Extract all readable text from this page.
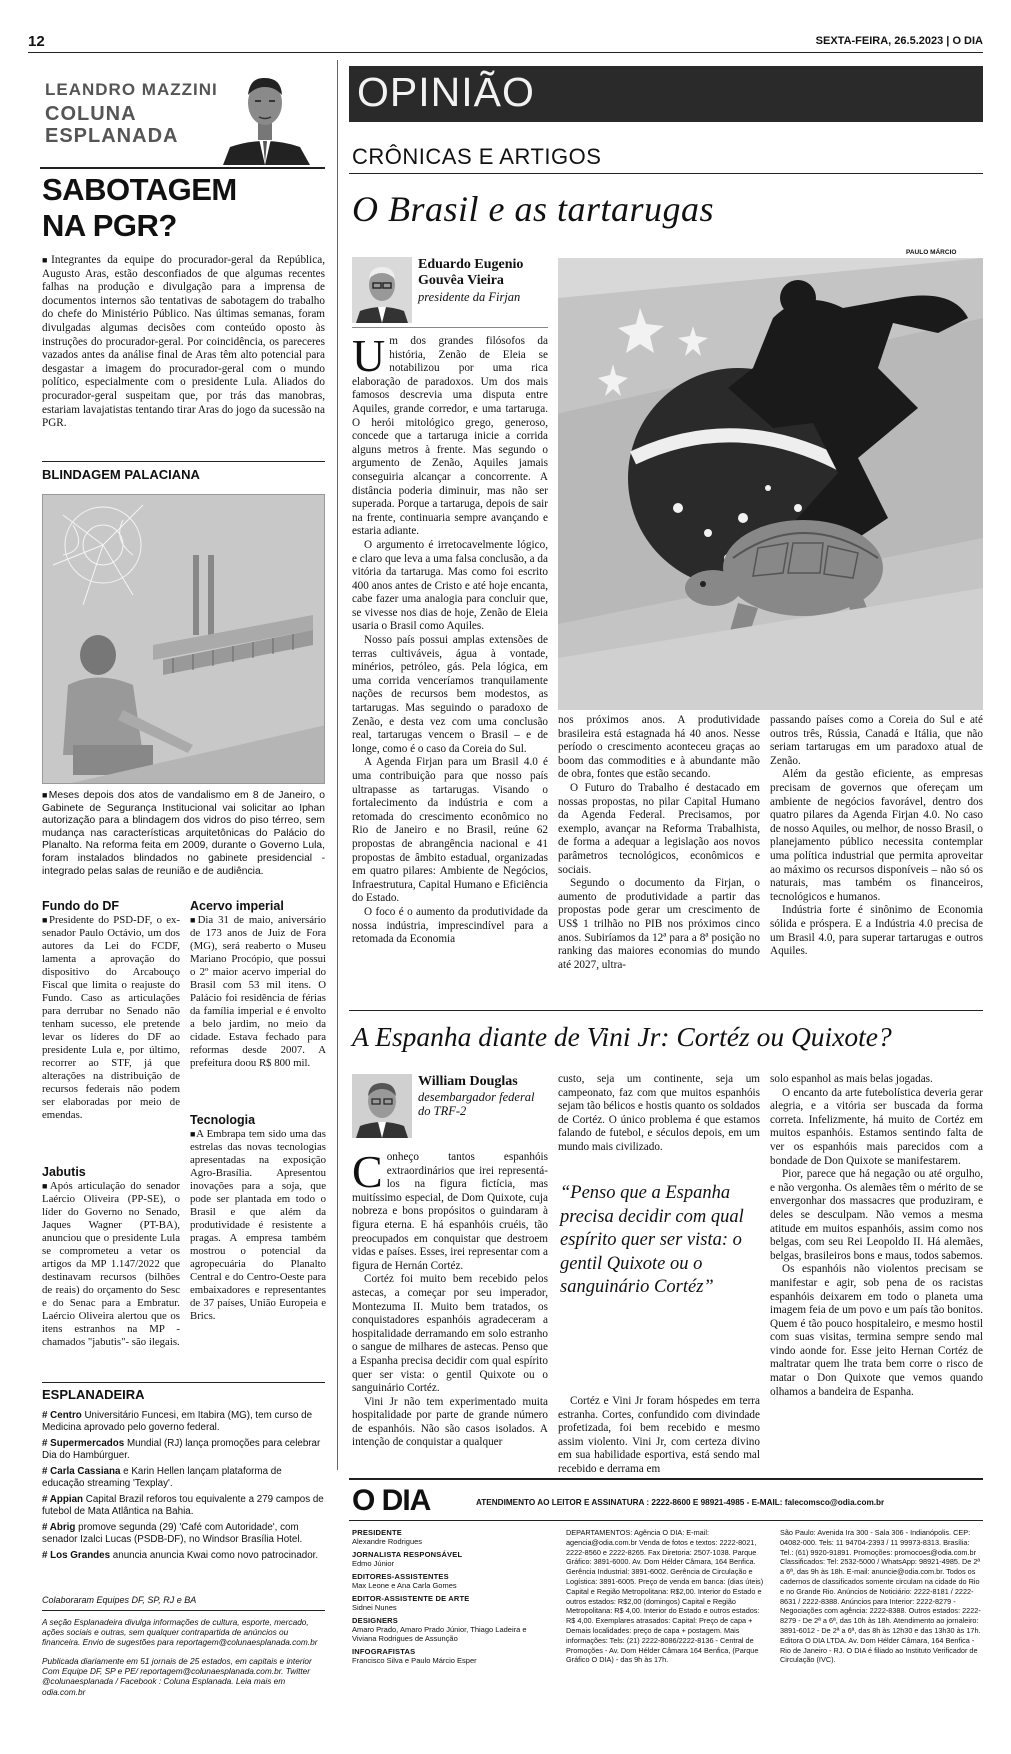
12	SEXTA-FEIRA, 26.5.2023 | O DIA
LEANDRO MAZZINI
COLUNA
ESPLANADA
SABOTAGEM
NA PGR?
■ Integrantes da equipe do procurador-geral da República, Augusto Aras, estão desconfiados de que algumas recentes falhas na produção e divulgação para a imprensa de documentos internos são tentativas de sabotagem do trabalho do chefe do Ministério Público. Nas últimas semanas, foram divulgadas algumas decisões com conteúdo oposto às instruções do procurador-geral. Por coincidência, os pareceres vazados antes da análise final de Aras têm alto potencial para desgastar a imagem do procurador-geral com o mundo político, especialmente com o presidente Lula. Aliados do procurador-geral suspeitam que, por trás das manobras, estariam lavajatistas tentando tirar Aras do jogo da sucessão na PGR.
BLINDAGEM PALACIANA
■ Meses depois dos atos de vandalismo em 8 de Janeiro, o Gabinete de Segurança Institucional vai solicitar ao Iphan autorização para a blindagem dos vidros do piso térreo, sem mudança nas características arquitetônicas do Palácio do Planalto. Na reforma feita em 2009, durante o Governo Lula, foram instalados blindados no gabinete presidencial - integrado pelas salas de reunião e de audiência.
Fundo do DF
■ Presidente do PSD-DF, o ex-senador Paulo Octávio, um dos autores da Lei do FCDF, lamenta a aprovação do dispositivo do Arcabouço Fiscal que limita o reajuste do Fundo. Caso as articulações para derrubar no Senado não tenham sucesso, ele pretende levar os líderes do DF ao presidente Lula e, por último, recorrer ao STF, já que alterações na distribuição de recursos federais não podem ser elaboradas por meio de emendas.
Jabutis
■ Após articulação do senador Laércio Oliveira (PP-SE), o líder do Governo no Senado, Jaques Wagner (PT-BA), anunciou que o presidente Lula se comprometeu a vetar os artigos da MP 1.147/2022 que destinavam recursos (bilhões de reais) do orçamento do Sesc e do Senac para a Embratur. Laércio Oliveira alertou que os itens estranhos na MP - chamados "jabutis"- são ilegais.
Acervo imperial
■ Dia 31 de maio, aniversário de 173 anos de Juiz de Fora (MG), será reaberto o Museu Mariano Procópio, que possui o 2º maior acervo imperial do Brasil com 53 mil itens. O Palácio foi residência de férias da família imperial e é envolto a belo jardim, no meio da cidade. Estava fechado para reformas desde 2007. A prefeitura doou R$ 800 mil.
Tecnologia
■ A Embrapa tem sido uma das estrelas das novas tecnologias apresentadas na exposição Agro-Brasília. Apresentou inovações para a soja, que pode ser plantada em todo o Brasil e que além da produtividade é resistente a pragas. A empresa também mostrou o potencial da agropecuária do Planalto Central e do Centro-Oeste para embaixadores e representantes de 37 países, União Europeia e Brics.
ESPLANADEIRA

# Centro Universitário Funcesi, em Itabira (MG), tem curso de Medicina aprovado pelo governo federal.

# Supermercados Mundial (RJ) lança promoções para celebrar Dia do Hambúrguer.

# Carla Cassiana e Karin Hellen lançam plataforma de educação streaming 'Texplay'.

# Appian Capital Brazil reforos tou equivalente a 279 campos de futebol de Mata Atlântica na Bahia.

# Abrig promove segunda (29) 'Café com Autoridade', com senador Izalci Lucas (PSDB-DF), no Windsor Brasília Hotel.

# Los Grandes anuncia anuncia Kwai como novo patrocinador.

Colaboraram Equipes DF, SP, RJ e BA
A seção Esplanadeira divulga informações de cultura, esporte, mercado, ações sociais e outras, sem qualquer contrapartida de anúncios ou financeira. Envio de sugestões para reportagem@colunaesplanada.com.br
Publicada diariamente em 51 jornais de 25 estados, em capitais e interior Com Equipe DF, SP e PE/ reportagem@colunaesplanada.com.br. Twitter @colunaesplanada / Facebook : Coluna Esplanada. Leia mais em odia.com.br
OPINIÃO
CRÔNICAS E ARTIGOS
O Brasil e as tartarugas
Eduardo Eugenio Gouvêa Vieira
presidente da Firjan
PAULO MÁRCIO

Um dos grandes filósofos da história, Zenão de Eleia se notabilizou por uma rica elaboração de paradoxos. Um dos mais famosos descrevia uma disputa entre Aquiles, grande corredor, e uma tartaruga. O herói mitológico grego, generoso, concede que a tartaruga inicie a corrida alguns metros à frente. Mas segundo o argumento de Zenão, Aquiles jamais conseguiria alcançar a concorrente. A distância poderia diminuir, mas não ser superada. Porque a tartaruga, depois de sair na frente, continuaria sempre avançando e estaria adiante.

O argumento é irretocavelmente lógico, e claro que leva a uma falsa conclusão, a da vitória da tartaruga. Mas como foi escrito 400 anos antes de Cristo e até hoje encanta, cabe fazer uma analogia para concluir que, se vivesse nos dias de hoje, Zenão de Eleia usaria o Brasil como Aquiles.

Nosso país possui amplas extensões de terras cultiváveis, água à vontade, minérios, petróleo, gás. Pela lógica, em uma corrida venceríamos tranquilamente nações de recursos bem modestos, as tartarugas. Mas seguindo o paradoxo de Zenão, e desta vez com uma conclusão real, tartarugas vencem o Brasil – e de longe, como é o caso da Coreia do Sul.

A Agenda Firjan para um Brasil 4.0 é uma contribuição para que nosso país ultrapasse as tartarugas. Visando o fortalecimento da indústria e com a retomada do crescimento econômico no Rio de Janeiro e no Brasil, reúne 62 propostas de abrangência nacional e 41 propostas de âmbito estadual, organizadas em quatro pilares: Ambiente de Negócios, Infraestrutura, Capital Humano e Eficiência do Estado.

O foco é o aumento da produtividade da nossa indústria, imprescindível para a retomada da Economia

nos próximos anos. A produtividade brasileira está estagnada há 40 anos. Nesse período o crescimento aconteceu graças ao boom das commodities e à abundante mão de obra, fontes que estão secando.

O Futuro do Trabalho é destacado em nossas propostas, no pilar Capital Humano da Agenda Federal. Precisamos, por exemplo, avançar na Reforma Trabalhista, de forma a adequar a legislação aos novos parâmetros tecnológicos, econômicos e sociais.

Segundo o documento da Firjan, o aumento de produtividade a partir das propostas pode gerar um crescimento de US$ 1 trilhão no PIB nos próximos cinco anos. Subiríamos da 12ª para a 8ª posição no ranking das maiores economias do mundo até 2027, ultra-

passando países como a Coreia do Sul e até outros três, Rússia, Canadá e Itália, que não seriam tartarugas em um paradoxo atual de Zenão.

Além da gestão eficiente, as empresas precisam de governos que ofereçam um ambiente de negócios favorável, dentro dos quatro pilares da Agenda Firjan 4.0. No caso de nosso Aquiles, ou melhor, de nosso Brasil, o planejamento público necessita contemplar uma política industrial que permita aproveitar ao máximo os recursos disponíveis – não só os naturais, mas também os financeiros, tecnológicos e humanos.

Indústria forte é sinônimo de Economia sólida e próspera. E a Indústria 4.0 precisa de um Brasil 4.0, para superar tartarugas e outros Aquiles.

A Espanha diante de Vini Jr: Cortéz ou Quixote?
William Douglas
desembargador federal do TRF-2

Conheço tantos espanhóis extraordinários que irei representá-los na figura fictícia, mas muitíssimo especial, de Dom Quixote, cuja nobreza e bons propósitos o guindaram à figura eterna. E há espanhóis cruéis, tão preocupados em conquistar que destroem vidas e países. Esses, irei representar com a figura de Hernán Cortéz.

Cortéz foi muito bem recebido pelos astecas, a começar por seu imperador, Montezuma II. Muito bem tratados, os conquistadores espanhóis agradeceram a hospitalidade derramando em solo estranho o sangue de milhares de astecas. Penso que a Espanha precisa decidir com qual espírito quer ser vista: o gentil Quixote ou o sanguinário Cortéz.

Vini Jr não tem experimentado muita hospitalidade por parte de grande número de espanhóis. Não são casos isolados. A intenção de conquistar a qualquer

custo, seja um continente, seja um campeonato, faz com que muitos espanhóis sejam tão bélicos e hostis quanto os soldados de Cortéz. O único problema é que estamos falando de futebol, e séculos depois, em um mundo mais civilizado.
“Penso que a Espanha precisa decidir com qual espírito quer ser vista: o gentil Quixote ou o sanguinário Cortéz”
Cortéz e Vini Jr foram hóspedes em terra estranha. Cortes, confundido com divindade profetizada, foi bem recebido e mesmo assim violento. Vini Jr, com certeza divino em sua habilidade esportiva, está sendo mal recebido e derrama em

solo espanhol as mais belas jogadas.

O encanto da arte futebolística deveria gerar alegria, e a vitória ser buscada da forma correta. Infelizmente, há muito de Cortéz em muitos espanhóis. Estamos sentindo falta de ver os espanhóis mais parecidos com a bondade de Don Quixote se manifestarem.

Pior, parece que há negação ou até orgulho, e não vergonha. Os alemães têm o mérito de se envergonhar dos massacres que produziram, e deles se desculpam. Não vemos a mesma atitude em muitos espanhóis, assim como nos belgas, com seu Rei Leopoldo II. Há alemães, belgas, brasileiros bons e maus, todos sabemos.

Os espanhóis não violentos precisam se manifestar e agir, sob pena de os racistas espanhóis deixarem em todo o planeta uma imagem feia de um povo e um país tão bonitos. Quem é tão pouco hospitaleiro, e mesmo hostil com suas visitas, termina sempre sendo mal vindo aonde for. Esse jeito Hernan Cortéz de maltratar quem lhe trata bem corre o risco de matar o Don Quixote que vemos quando olhamos a bandeira de Espanha.

O DIA	ATENDIMENTO AO LEITOR E ASSINATURA : 2222-8600 E 98921-4985 - E-MAIL: falecomsco@odia.com.br
PRESIDENTE
Alexandre Rodrigues
JORNALISTA RESPONSÁVEL
Edmo Júnior
EDITORES-ASSISTENTES
Max Leone e Ana Carla Gomes
EDITOR-ASSISTENTE DE ARTE
Sidnei Nunes
DESIGNERS
Amaro Prado, Amaro Prado Júnior, Thiago Ladeira e Viviana Rodrigues de Assunção
INFOGRAFISTAS
Francisco Silva e Paulo Márcio Esper
DEPARTAMENTOS: Agência O DIA: E-mail: agencia@odia.com.br Venda de fotos e textos: 2222-8021, 2222-8560 e 2222-8265. Fax Diretoria: 2507-1038. Parque Gráfico: 3891-6000. Av. Dom Hélder Câmara, 164 Benfica. Gerência Industrial: 3891-6002. Gerência de Circulação e Logística: 3891-6005. Preço de venda em banca: (dias úteis) Capital e Região Metropolitana: R$2,00. Interior do Estado e outros estados: R$2,00 (domingos) Capital e Região Metropolitana: R$ 4,00. Interior do Estado e outros estados: R$ 4,00. Exemplares atrasados: Capital: Preço de capa + Demais localidades: preço de capa + postagem. Mais informações: Tels: (21) 2222-8086/2222-8136 - Central de Promoções - Av. Dom Hélder Câmara 164 Benfica, (Parque Gráfico O DIA) - das 9h às 17h.
São Paulo: Avenida Ira 300 - Sala 306 - Indianópolis. CEP: 04082-000. Tels: 11 94704-2393 / 11 99973-8313. Brasília: Tel.: (61) 9920-91891. Promoções: promocoes@odia.com.br Classificados: Tel: 2532-5000 / WhatsApp: 98921-4985. De 2ª a 6ª, das 9h às 18h. E-mail: anuncie@odia.com.br. Todos os cadernos de classificados somente circulam na cidade do Rio e no Grande Rio. Anúncios de Noticiário: 2222-8181 / 2222-8631 / 2222-8388. Anúncios para Interior: 2222-8279 - Negociações com agência: 2222-8388. Outros estados: 2222-8279 - De 2ª a 6ª, das 10h às 18h. Atendimento ao jornaleiro: 3891-6012 - De 2ª a 6ª, das 8h às 12h30 e das 13h30 às 17h. Editora O DIA LTDA. Av. Dom Hélder Câmara, 164 Benfica - Rio de Janeiro - RJ. O DIA é filiado ao Instituto Verificador de Circulação (IVC).
